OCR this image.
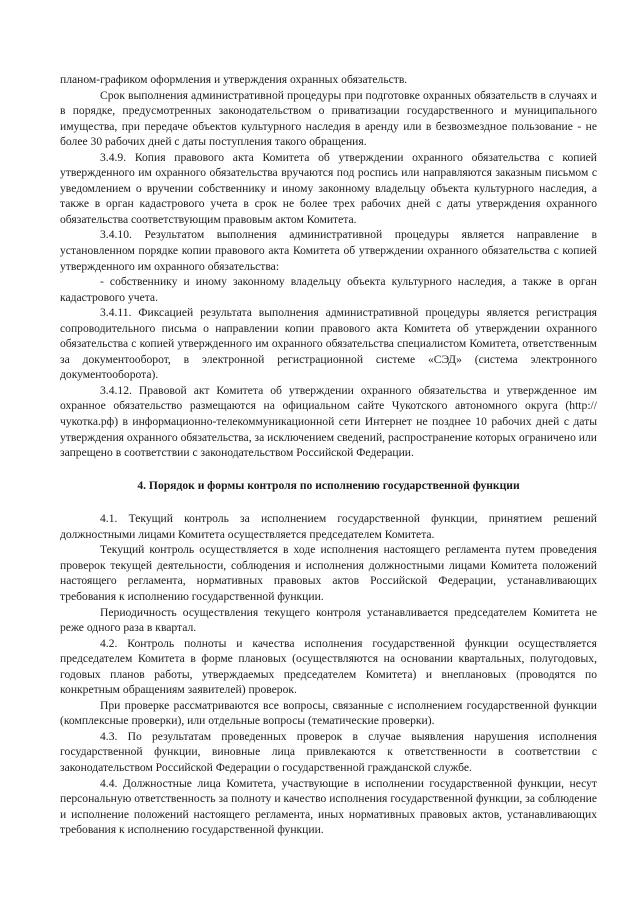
планом-графиком оформления и утверждения охранных обязательств.

Срок выполнения административной процедуры при подготовке охранных обязательств в случаях и в порядке, предусмотренных законодательством о приватизации государственного и муниципального имущества, при передаче объектов культурного наследия в аренду или в безвозмездное пользование - не более 30 рабочих дней с даты поступления такого обращения.

3.4.9. Копия правового акта Комитета об утверждении охранного обязательства с копией утвержденного им охранного обязательства вручаются под роспись или направляются заказным письмом с уведомлением о вручении собственнику и иному законному владельцу объекта культурного наследия, а также в орган кадастрового учета в срок не более трех рабочих дней с даты утверждения охранного обязательства соответствующим правовым актом Комитета.

3.4.10. Результатом выполнения административной процедуры является направление в установленном порядке копии правового акта Комитета об утверждении охранного обязательства с копией утвержденного им охранного обязательства:

- собственнику и иному законному владельцу объекта культурного наследия, а также в орган кадастрового учета.

3.4.11. Фиксацией результата выполнения административной процедуры является регистрация сопроводительного письма о направлении копии правового акта Комитета об утверждении охранного обязательства с копией утвержденного им охранного обязательства специалистом Комитета, ответственным за документооборот, в электронной регистрационной системе «СЭД» (система электронного документооборота).

3.4.12. Правовой акт Комитета об утверждении охранного обязательства и утвержденное им охранное обязательство размещаются на официальном сайте Чукотского автономного округа (http://чукотка.рф) в информационно-телекоммуникационной сети Интернет не позднее 10 рабочих дней с даты утверждения охранного обязательства, за исключением сведений, распространение которых ограничено или запрещено в соответствии с законодательством Российской Федерации.

4. Порядок и формы контроля по исполнению государственной функции

4.1. Текущий контроль за исполнением государственной функции, принятием решений должностными лицами Комитета осуществляется председателем Комитета.

Текущий контроль осуществляется в ходе исполнения настоящего регламента путем проведения проверок текущей деятельности, соблюдения и исполнения должностными лицами Комитета положений настоящего регламента, нормативных правовых актов Российской Федерации, устанавливающих требования к исполнению государственной функции.

Периодичность осуществления текущего контроля устанавливается председателем Комитета не реже одного раза в квартал.

4.2. Контроль полноты и качества исполнения государственной функции осуществляется председателем Комитета в форме плановых (осуществляются на основании квартальных, полугодовых, годовых планов работы, утверждаемых председателем Комитета) и внеплановых (проводятся по конкретным обращениям заявителей) проверок.

При проверке рассматриваются все вопросы, связанные с исполнением государственной функции (комплексные проверки), или отдельные вопросы (тематические проверки).

4.3. По результатам проведенных проверок в случае выявления нарушения исполнения государственной функции, виновные лица привлекаются к ответственности в соответствии с законодательством Российской Федерации о государственной гражданской службе.

4.4. Должностные лица Комитета, участвующие в исполнении государственной функции, несут персональную ответственность за полноту и качество исполнения государственной функции, за соблюдение и исполнение положений настоящего регламента, иных нормативных правовых актов, устанавливающих требования к исполнению государственной функции.
